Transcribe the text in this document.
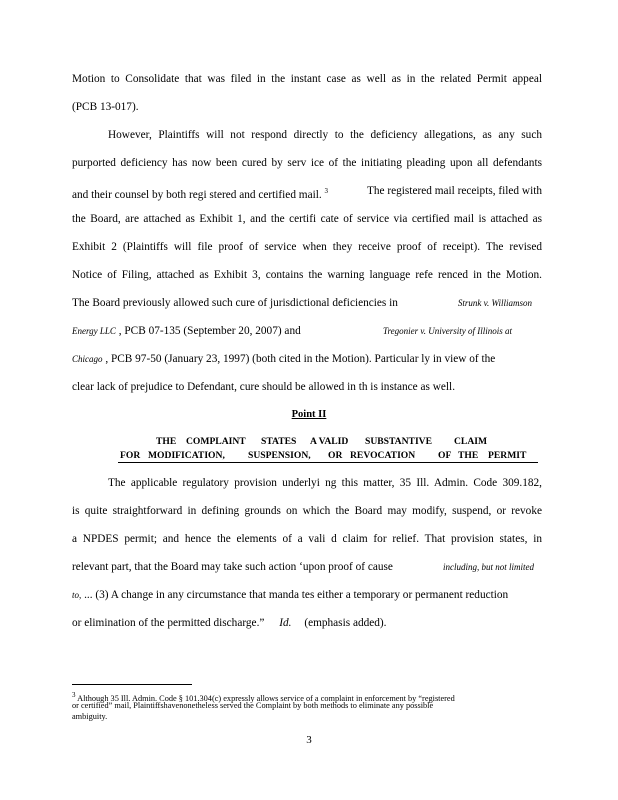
Motion to Consolidate that was filed in the instant case as well as in the related Permit appeal
(PCB 13-017).
However, Plaintiffs will not respond directly to the deficiency allegations, as any such
purported deficiency has now been cured by serv ice of the initiating pleading upon all defendants
and their counsel by both regi stered and certified mail. $^3$	The registered mail receipts, filed with
the Board, are attached as Exhibit 1, and the certifi cate of service via certified mail is attached as
Exhibit 2 (Plaintiffs will file proof of service when they receive proof of receipt). The revised
Notice of Filing, attached as Exhibit 3, contains the warning language refe renced in the Motion.
The Board previously allowed such cure of jurisdictional deficiencies in	Strunk v. Williamson
Energy LLC , PCB 07-135 (September 20, 2007) and	Tregonier v. University of Illinois at
Chicago , PCB 97-50 (January 23, 1997) (both cited in the Motion). Particular ly in view of the
clear lack of prejudice to Defendant, cure should be allowed in th is instance as well.
Point II
THE COMPLAINT STATES A VALID SUBSTANTIVE CLAIM
FOR MODIFICATION, SUSPENSION, OR REVOCATION OF THE PERMIT
The applicable regulatory provision underlyi ng this matter, 35 Ill. Admin. Code 309.182,
is quite straightforward in defining grounds on which the Board may modify, suspend, or revoke
a NPDES permit; and hence the elements of a vali d claim for relief. That provision states, in
relevant part, that the Board may take such action ‘upon proof of cause	including, but not limited
to, ... (3) A change in any circumstance that manda tes either a temporary or permanent reduction
or elimination of the permitted discharge.” Id. (emphasis added).
$^3$ Although 35 Ill. Admin. Code § 101.304(c) expressly allows service of a complaint in enforcement by “registered
or certified” mail, Plaintiffshavenonetheless served the Complaint by both methods to eliminate any possible
ambiguity.
3
